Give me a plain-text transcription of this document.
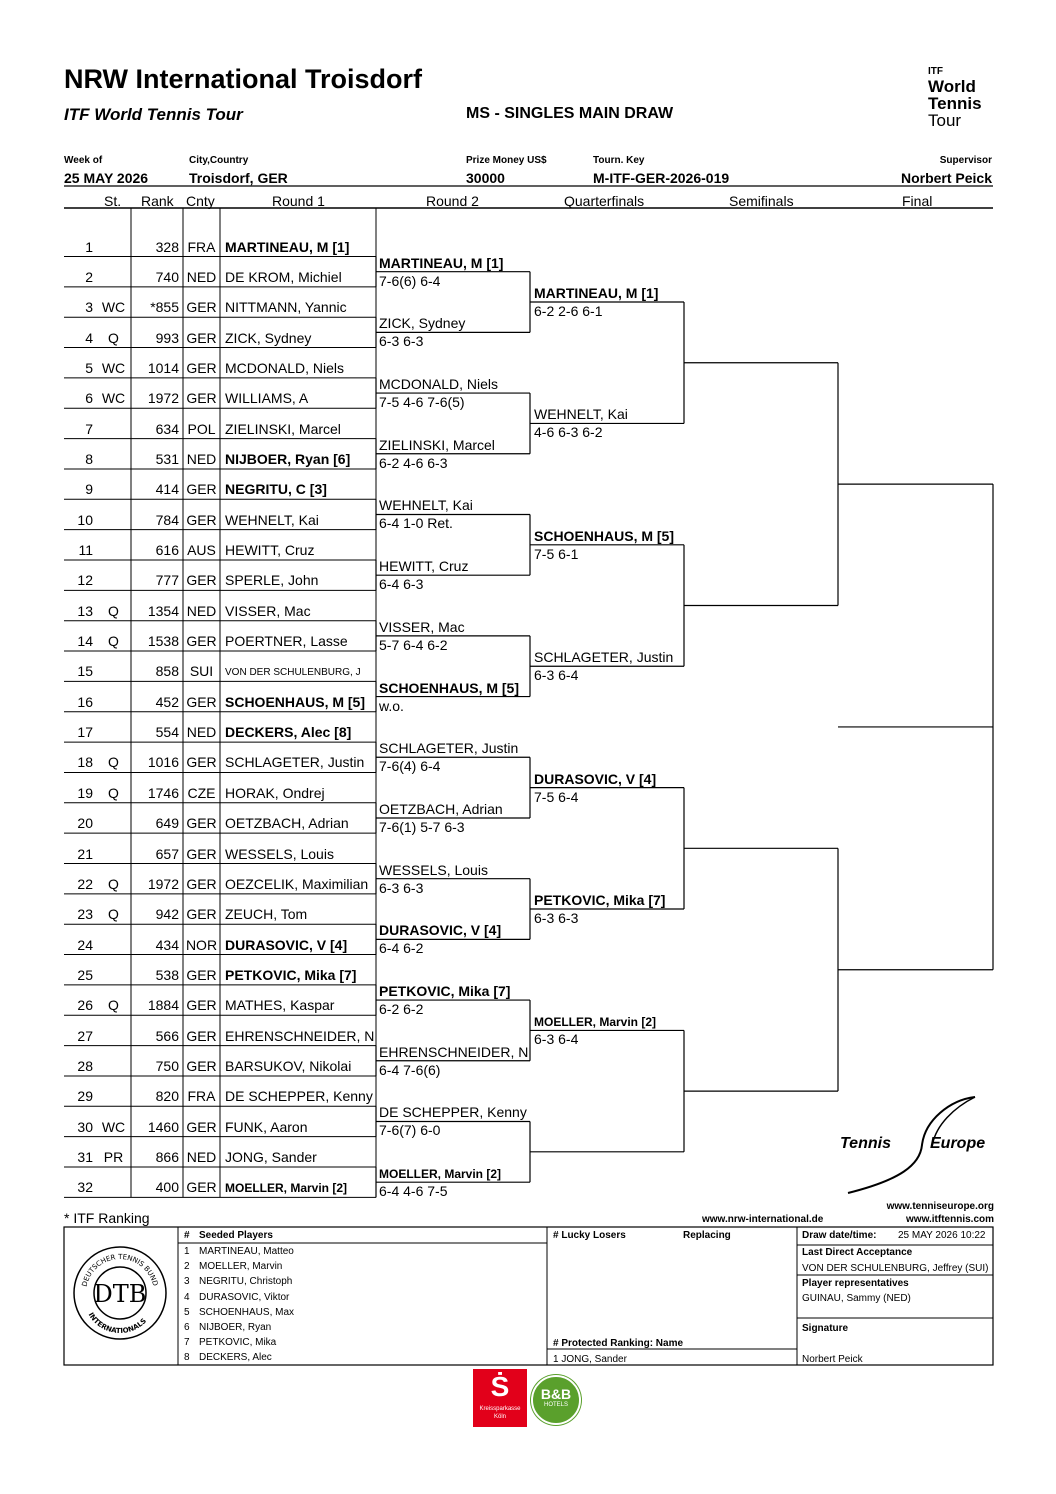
NRW International Troisdorf
ITF World Tennis Tour	MS - SINGLES MAIN DRAW
ITF
World
Tennis
Tour
Week of
25 MAY 2026
City,Country
Troisdorf, GER
Prize Money US$
30000
Tourn. Key
M-ITF-GER-2026-019
Supervisor
Norbert Peick
St. Rank Cnty	Round 1	Round 2	Quarterfinals	Semifinals	Final
1	328 FRA MARTINEAU, M [1]
2	740 NED DE KROM, Michiel
3 WC	*855 GER NITTMANN, Yannic
4	Q	993 GER ZICK, Sydney
5 WC	1014 GER MCDONALD, Niels
6 WC	1972 GER WILLIAMS, A
7	634 POL ZIELINSKI, Marcel
8	531 NED NIJBOER, Ryan [6]
9	414 GER NEGRITU, C [3]
10	784 GER WEHNELT, Kai
11	616 AUS HEWITT, Cruz
12	777 GER SPERLE, John
13	Q	1354 NED VISSER, Mac
14	Q	1538 GER POERTNER, Lasse
15	858 SUI	VON DER SCHULENBURG, J
16	452 GER SCHOENHAUS, M [5]
17	554 NED DECKERS, Alec [8]
18	Q	1016 GER SCHLAGETER, Justin
19	Q	1746 CZE HORAK, Ondrej
20	649 GER OETZBACH, Adrian
21	657 GER WESSELS, Louis
22	Q	1972 GER OEZCELIK, Maximilian
23	Q	942 GER ZEUCH, Tom
24	434 NOR DURASOVIC, V [4]
25	538 GER PETKOVIC, Mika [7]
26	Q	1884 GER MATHES, Kaspar
27	566 GER EHRENSCHNEIDER, N
28	750 GER BARSUKOV, Nikolai
29	820 FRA DE SCHEPPER, Kenny
30 WC	1460 GER FUNK, Aaron
31 PR	866 NED JONG, Sander
32	400 GER MOELLER, Marvin [2]
MARTINEAU, M [1]
7-6(6) 6-4
ZICK, Sydney
6-3 6-3
MCDONALD, Niels
7-5 4-6 7-6(5)
ZIELINSKI, Marcel
6-2 4-6 6-3
WEHNELT, Kai
6-4 1-0 Ret.
HEWITT, Cruz
6-4 6-3
VISSER, Mac
5-7 6-4 6-2
SCHOENHAUS, M [5]
w.o.
SCHLAGETER, Justin
7-6(4) 6-4
OETZBACH, Adrian
7-6(1) 5-7 6-3
WESSELS, Louis
6-3 6-3
DURASOVIC, V [4]
6-4 6-2
PETKOVIC, Mika [7]
6-2 6-2
EHRENSCHNEIDER, N
6-4 7-6(6)
DE SCHEPPER, Kenny
7-6(7) 6-0
MOELLER, Marvin [2]
6-4 4-6 7-5
MARTINEAU, M [1]
6-2 2-6 6-1
WEHNELT, Kai
4-6 6-3 6-2
SCHOENHAUS, M [5]
7-5 6-1
SCHLAGETER, Justin
6-3 6-4
DURASOVIC, V [4]
7-5 6-4
PETKOVIC, Mika [7]
6-3 6-3
MOELLER, Marvin [2]
6-3 6-4
Tennis Europe
www.tenniseurope.org
www.nrw-international.de	www.itftennis.com
* ITF Ranking
# Seeded Players
1 MARTINEAU, Matteo
2 MOELLER, Marvin
3 NEGRITU, Christoph
4 DURASOVIC, Viktor
5 SCHOENHAUS, Max
6 NIJBOER, Ryan
7 PETKOVIC, Mika
8 DECKERS, Alec
# Lucky Losers	Replacing
# Protected Ranking: Name
1 JONG, Sander
Draw date/time: 25 MAY 2026 10:22
Last Direct Acceptance
VON DER SCHULENBURG, Jeffrey (SUI)
Player representatives
GUINAU, Sammy (NED)
Signature
Norbert Peick
DEUTSCHER TENNIS BUND
INTERNATIONALS
DTB
Ṡ
Kreissparkasse Köln
B&B
HOTELS
